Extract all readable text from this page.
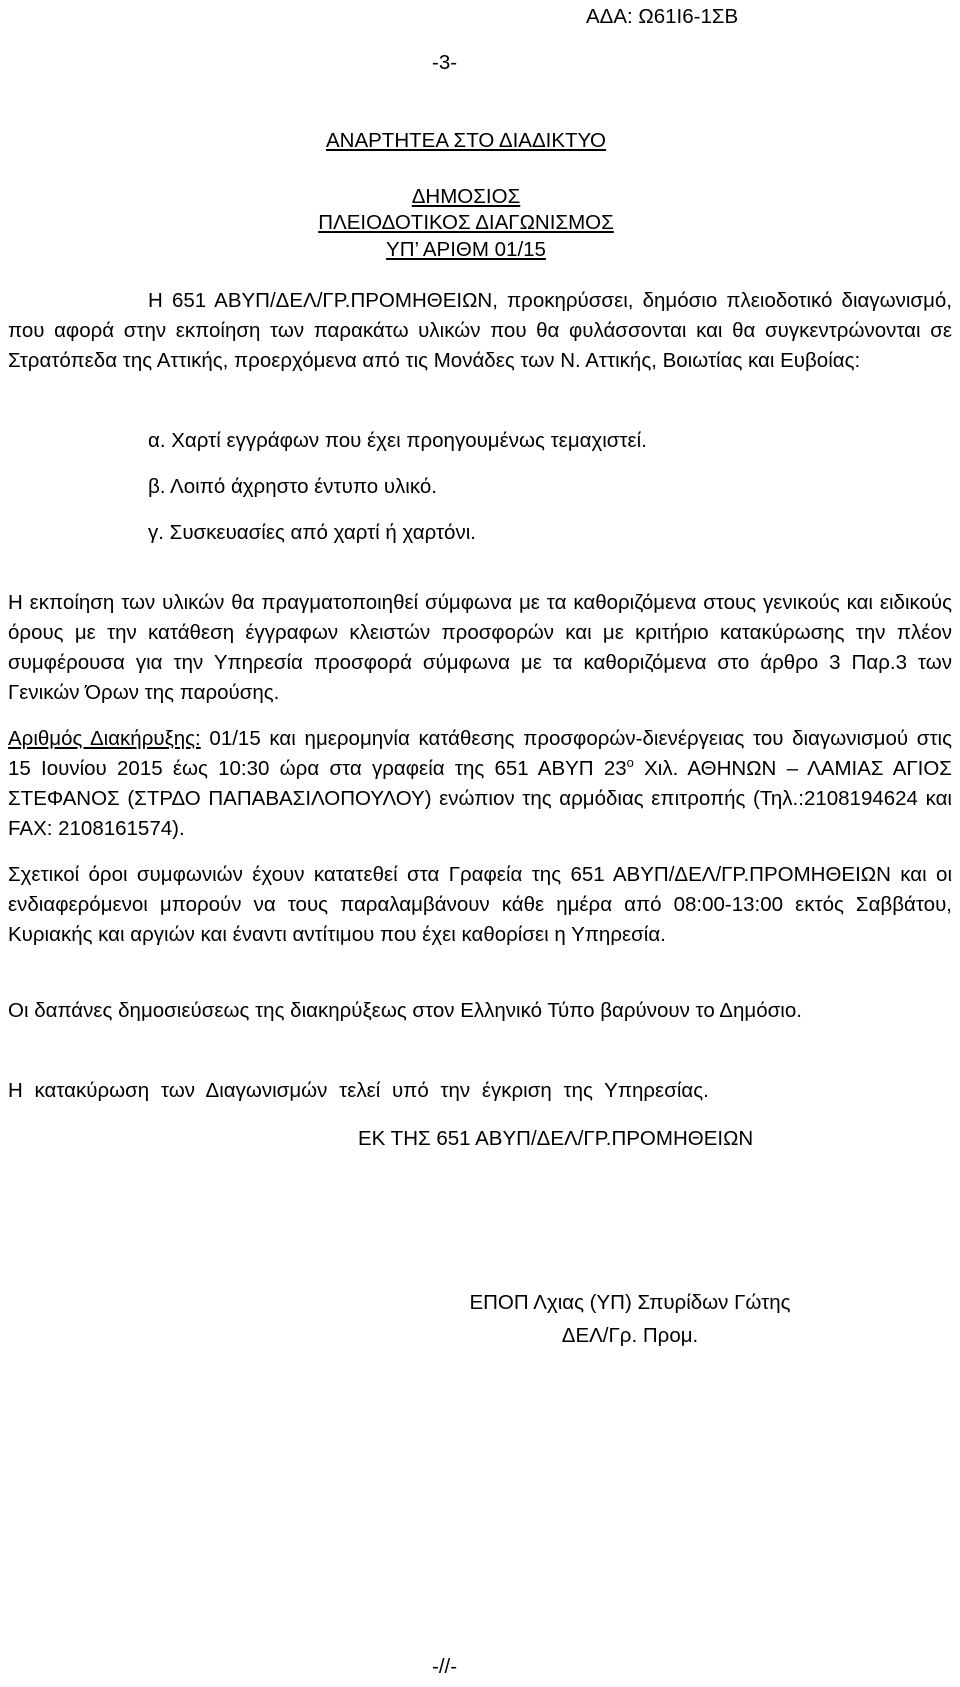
ΑΔΑ: Ω61Ι6-1ΣΒ
-3-
ΑΝΑΡΤΗΤΕΑ ΣΤΟ ΔΙΑΔΙΚΤΥΟ
ΔΗΜΟΣΙΟΣ
ΠΛΕΙΟΔΟΤΙΚΟΣ ΔΙΑΓΩΝΙΣΜΟΣ
ΥΠ’ ΑΡΙΘΜ 01/15
Η 651 ΑΒΥΠ/ΔΕΛ/ΓΡ.ΠΡΟΜΗΘΕΙΩΝ, προκηρύσσει, δημόσιο πλειοδοτικό διαγωνισμό, που αφορά στην εκποίηση των παρακάτω υλικών που θα φυλάσσονται και θα συγκεντρώνονται σε Στρατόπεδα της Αττικής, προερχόμενα από τις Μονάδες των Ν. Αττικής, Βοιωτίας και Ευβοίας:
α. Χαρτί εγγράφων που έχει προηγουμένως τεμαχιστεί.
β. Λοιπό άχρηστο έντυπο υλικό.
γ. Συσκευασίες από χαρτί ή χαρτόνι.
Η εκποίηση των υλικών θα πραγματοποιηθεί σύμφωνα με τα καθοριζόμενα στους γενικούς και ειδικούς όρους με την κατάθεση έγγραφων κλειστών προσφορών και με κριτήριο κατακύρωσης την πλέον συμφέρουσα για την Υπηρεσία προσφορά σύμφωνα με τα καθοριζόμενα στο άρθρο 3 Παρ.3 των Γενικών Όρων της παρούσης.
Αριθμός Διακήρυξης: 01/15 και ημερομηνία κατάθεσης προσφορών-διενέργειας του διαγωνισμού στις 15 Ιουνίου 2015 έως 10:30 ώρα στα γραφεία της 651 ΑΒΥΠ $23^o$ Χιλ. ΑΘΗΝΩΝ – ΛΑΜΙΑΣ ΑΓΙΟΣ ΣΤΕΦΑΝΟΣ (ΣΤΡΔΟ ΠΑΠΑΒΑΣΙΛΟΠΟΥΛΟΥ) ενώπιον της αρμόδιας επιτροπής (Τηλ.:2108194624 και FAX: 2108161574).
Σχετικοί όροι συμφωνιών έχουν κατατεθεί στα Γραφεία της 651 ΑΒΥΠ/ΔΕΛ/ΓΡ.ΠΡΟΜΗΘΕΙΩΝ και οι ενδιαφερόμενοι μπορούν να τους παραλαμβάνουν κάθε ημέρα από 08:00-13:00 εκτός Σαββάτου, Κυριακής και αργιών και έναντι αντίτιμου που έχει καθορίσει η Υπηρεσία.
Οι δαπάνες δημοσιεύσεως της διακηρύξεως στον Ελληνικό Τύπο βαρύνουν το Δημόσιο.
Η κατακύρωση των Διαγωνισμών τελεί υπό την έγκριση της Υπηρεσίας.
ΕΚ ΤΗΣ 651 ΑΒΥΠ/ΔΕΛ/ΓΡ.ΠΡΟΜΗΘΕΙΩΝ
ΕΠΟΠ Λχιας (ΥΠ) Σπυρίδων Γώτης
ΔΕΛ/Γρ. Προμ.
-//-
